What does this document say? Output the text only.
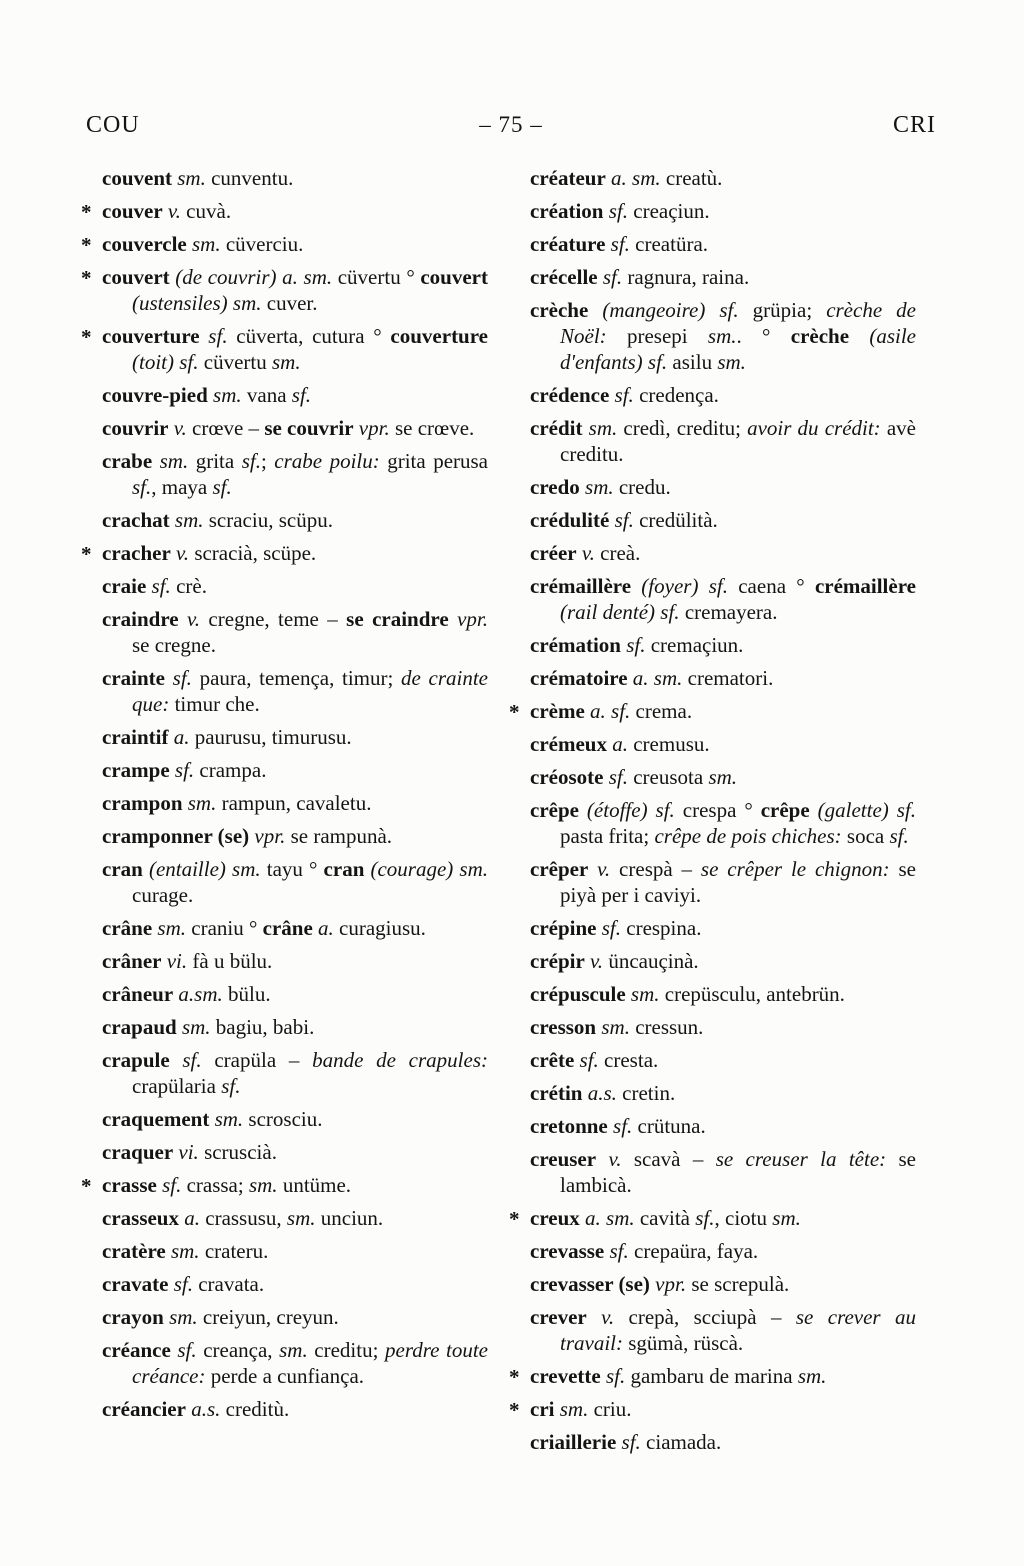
COU	– 75 –	CRI

couvent sm. cunventu.

* couver v. cuvà.

* couvercle sm. cüverciu.

* couvert (de couvrir) a. sm. cüvertu ° couvert (ustensiles) sm. cuver.

* couverture sf. cüverta, cutura ° couverture (toit) sf. cüvertu sm.

couvre-pied sm. vana sf.

couvrir v. crœve – se couvrir vpr. se crœve.

crabe sm. grita sf.; crabe poilu: grita perusa sf., maya sf.

crachat sm. scraciu, scüpu.

* cracher v. scracià, scüpe.

craie sf. crè.

craindre v. cregne, teme – se craindre vpr. se cregne.

crainte sf. paura, temença, timur; de crainte que: timur che.

craintif a. paurusu, timurusu.

crampe sf. crampa.

crampon sm. rampun, cavaletu.

cramponner (se) vpr. se rampunà.

cran (entaille) sm. tayu ° cran (courage) sm. curage.

crâne sm. craniu ° crâne a. curagiusu.

crâner vi. fà u bülu.

crâneur a.sm. bülu.

crapaud sm. bagiu, babi.

crapule sf. crapüla – bande de crapules: crapülaria sf.

craquement sm. scrosciu.

craquer vi. scruscià.

* crasse sf. crassa; sm. untüme.

crasseux a. crassusu, sm. unciun.

cratère sm. crateru.

cravate sf. cravata.

crayon sm. creiyun, creyun.

créance sf. creança, sm. creditu; perdre toute créance: perde a cunfiança.

créancier a.s. creditù.

créateur a. sm. creatù.

création sf. creaçiun.

créature sf. creatüra.

crécelle sf. ragnura, raina.

crèche (mangeoire) sf. grüpia; crèche de Noël: presepi sm.. ° crèche (asile d'enfants) sf. asilu sm.

crédence sf. credença.

crédit sm. credì, creditu; avoir du crédit: avè creditu.

credo sm. credu.

crédulité sf. credülità.

créer v. creà.

crémaillère (foyer) sf. caena ° crémaillère (rail denté) sf. cremayera.

crémation sf. cremaçiun.

crématoire a. sm. crematori.

* crème a. sf. crema.

crémeux a. cremusu.

créosote sf. creusota sm.

crêpe (étoffe) sf. crespa ° crêpe (galette) sf. pasta frita; crêpe de pois chiches: soca sf.

crêper v. crespà – se crêper le chignon: se piyà per i caviyi.

crépine sf. crespina.

crépir v. üncauçinà.

crépuscule sm. crepüsculu, antebrün.

cresson sm. cressun.

crête sf. cresta.

crétin a.s. cretin.

cretonne sf. crütuna.

creuser v. scavà – se creuser la tête: se lambicà.

* creux a. sm. cavità sf., ciotu sm.

crevasse sf. crepaüra, faya.

crevasser (se) vpr. se screpulà.

crever v. crepà, scciupà – se crever au travail: sgümà, rüscà.

* crevette sf. gambaru de marina sm.

* cri sm. criu.

criaillerie sf. ciamada.
